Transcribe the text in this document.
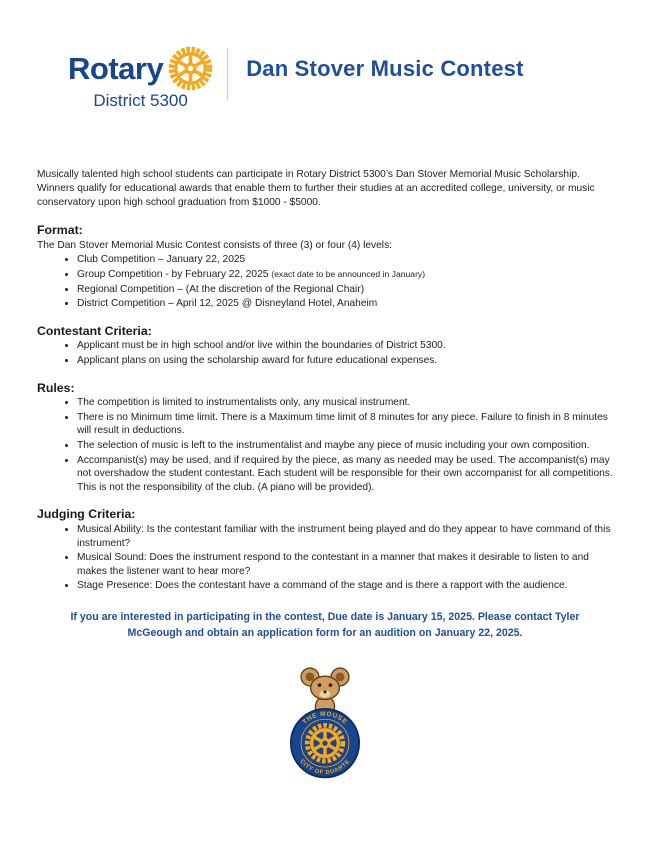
Rotary
District 5300
Dan Stover Music Contest

Musically talented high school students can participate in Rotary District 5300’s Dan Stover Memorial Music Scholarship. Winners qualify for educational awards that enable them to further their studies at an accredited college, university, or music conservatory upon high school graduation from $1000 - $5000.

Format:

The Dan Stover Memorial Music Contest consists of three (3) or four (4) levels:

• Club Competition – January 22, 2025
• Group Competition - by February 22, 2025 (exact date to be announced in January)
• Regional Competition – (At the discretion of the Regional Chair)
• District Competition – April 12, 2025 @ Disneyland Hotel, Anaheim
Contestant Criteria:
• Applicant must be in high school and/or live within the boundaries of District 5300.
• Applicant plans on using the scholarship award for future educational expenses.
Rules:
• The competition is limited to instrumentalists only, any musical instrument.
• There is no Minimum time limit. There is a Maximum time limit of 8 minutes for any piece. Failure to finish in 8 minutes will result in deductions.
• The selection of music is left to the instrumentalist and maybe any piece of music including your own composition.
• Accompanist(s) may be used, and if required by the piece, as many as needed may be used. The accompanist(s) may not overshadow the student contestant. Each student will be responsible for their own accompanist for all competitions. This is not the responsibility of the club. (A piano will be provided).
Judging Criteria:
• Musical Ability: Is the contestant familiar with the instrument being played and do they appear to have command of this instrument?
• Musical Sound: Does the instrument respond to the contestant in a manner that makes it desirable to listen to and makes the listener want to hear more?
• Stage Presence: Does the contestant have a command of the stage and is there a rapport with the audience.

If you are interested in participating in the contest, Due date is January 15, 2025. Please contact Tyler McGeough and obtain an application form for an audition on January 22, 2025.

THE MOUSE
CITY OF DUARTE
